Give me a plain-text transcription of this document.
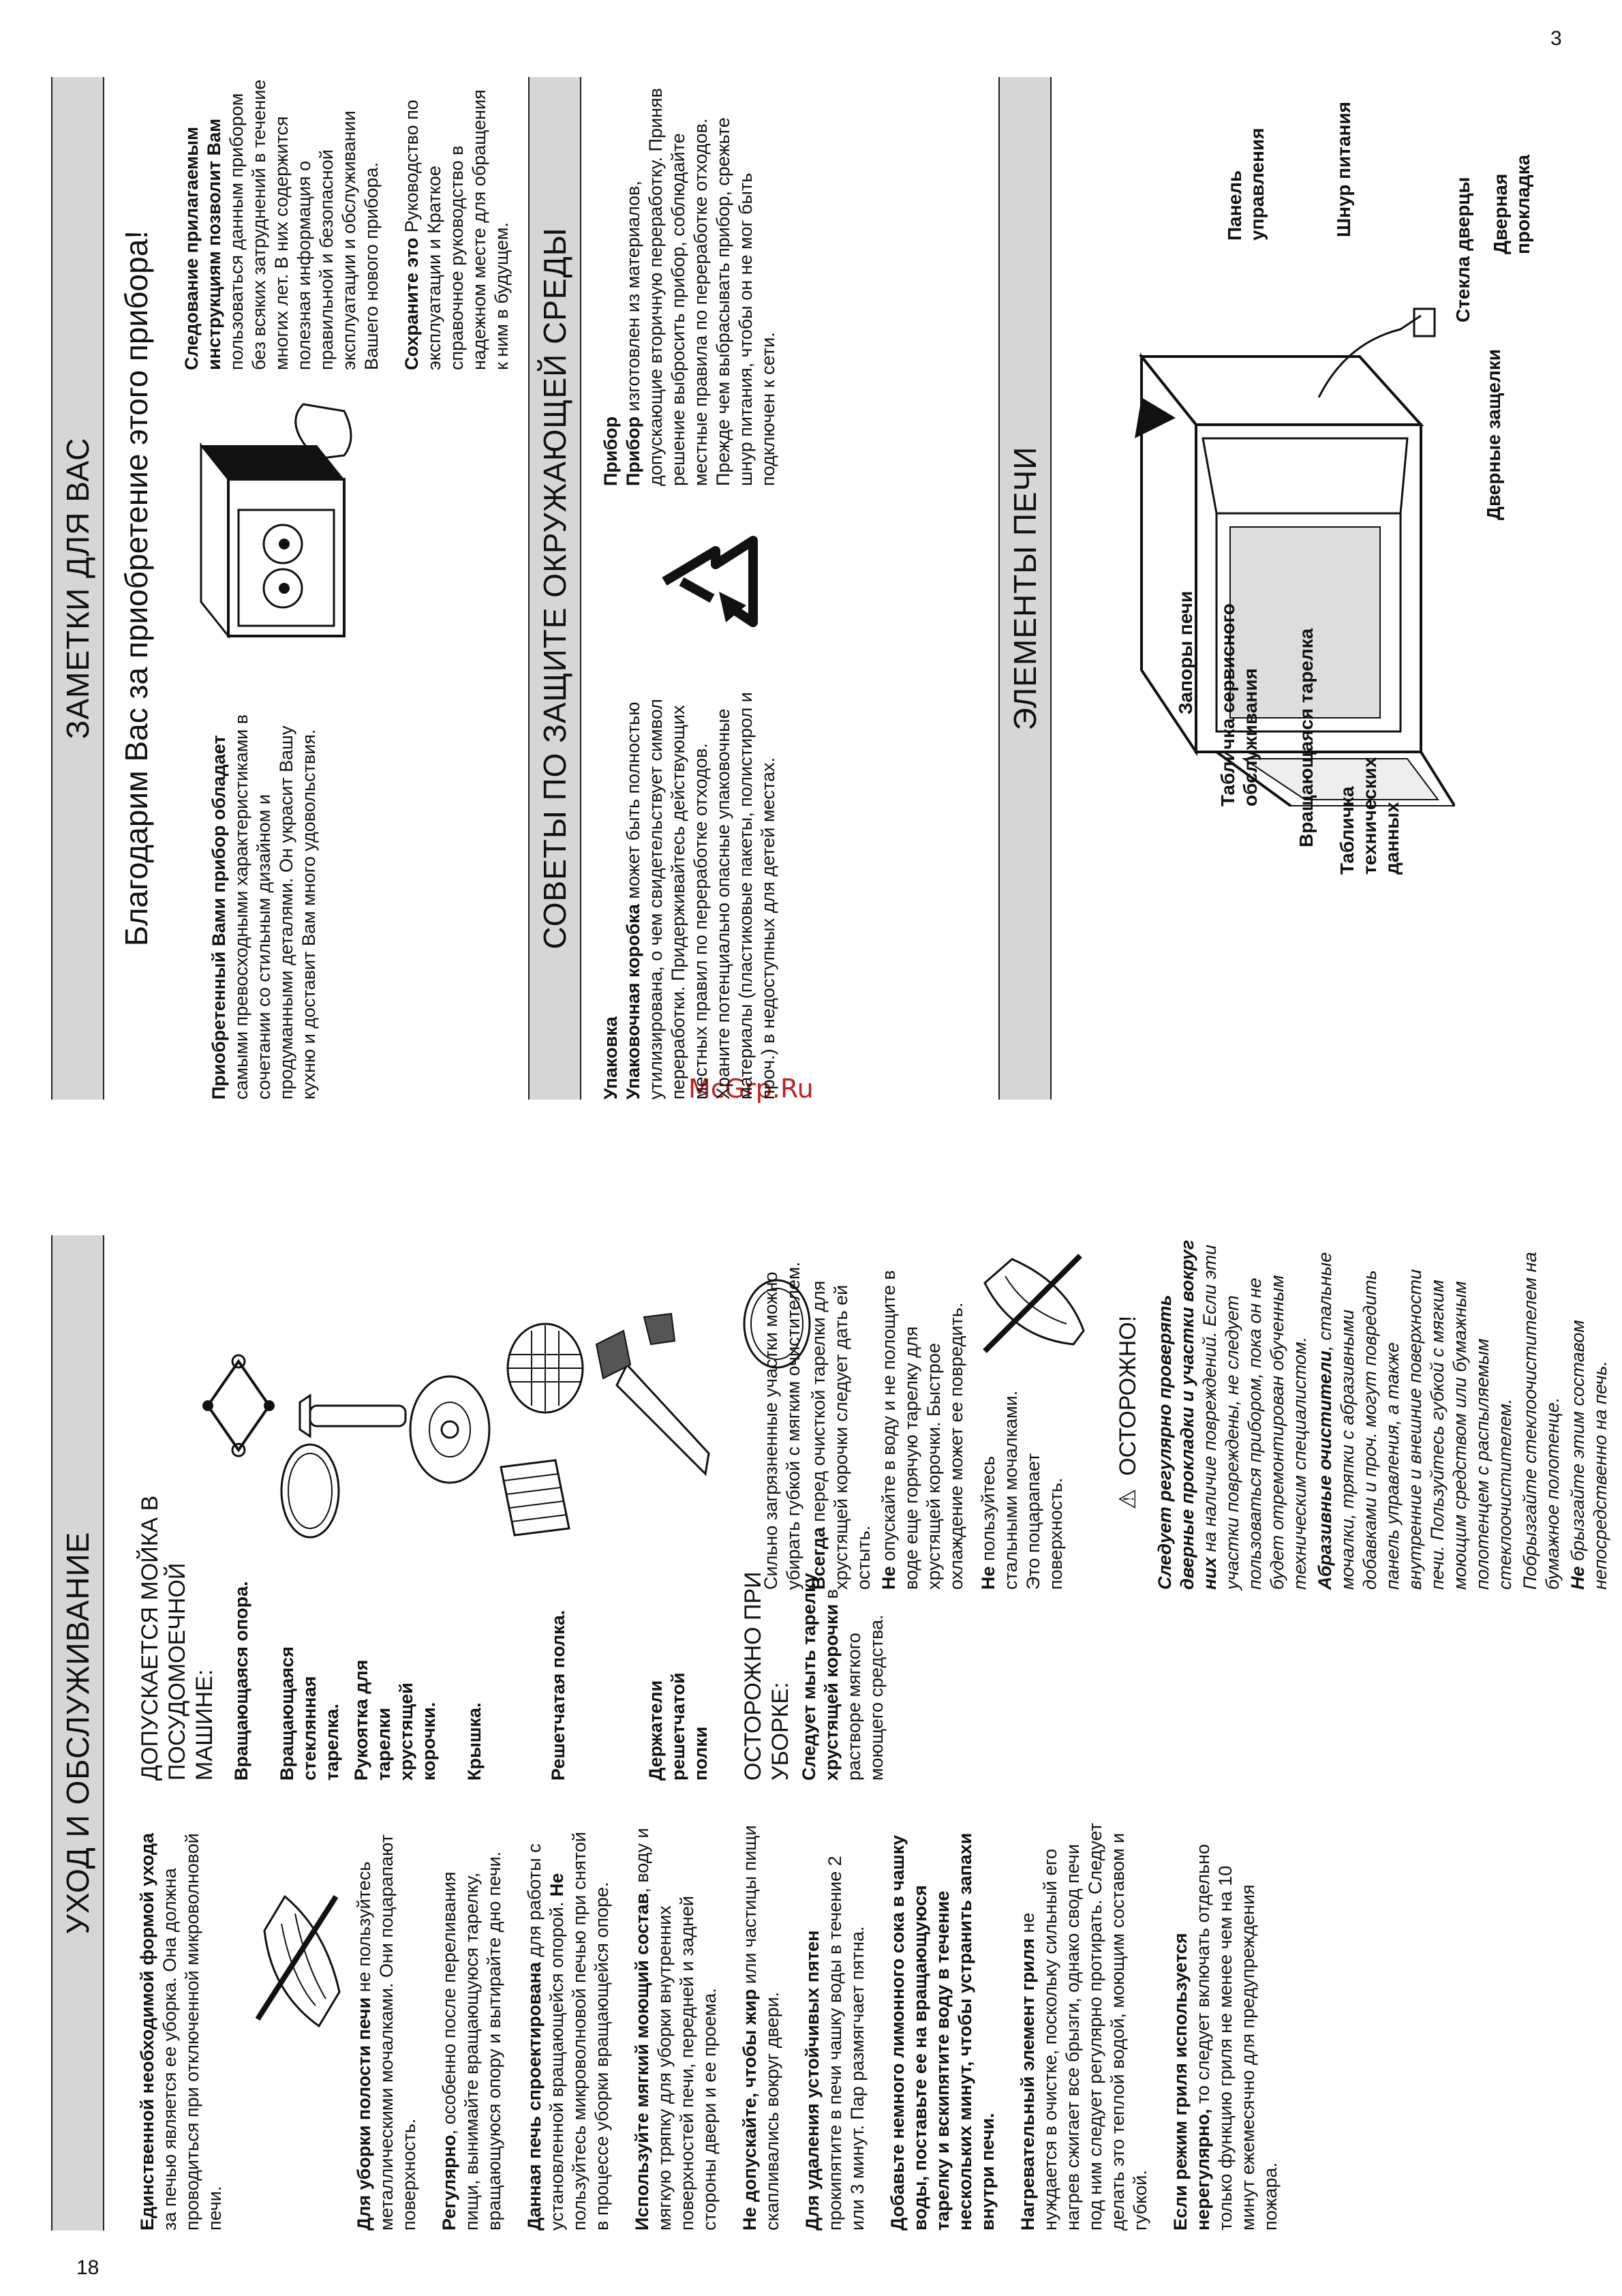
18
3
McGrp.Ru
УХОД И ОБСЛУЖИВАНИЕ

Единственной необходимой формой ухода за печью является ее уборка. Она должна проводиться при отключенной микроволновой печи.	Для уборки полости печи не пользуйтесь металлическими мочалками. Они поцарапают поверхность. Регулярно, особенно после переливания пищи, вынимайте вращающуюся тарелку, вращающуюся опору и вытирайте дно печи. Данная печь спроектирована для работы с установленной вращающейся опорой. Не пользуйтесь микроволновой печью при снятой в процессе уборки вращающейся опоре. Используйте мягкий моющий состав, воду и мягкую тряпку для уборки внутренних поверхностей печи, передней и задней стороны двери и ее проема. Не допускайте, чтобы жир или частицы пищи скапливались вокруг двери. Для удаления устойчивых пятен прокипятите в печи чашку воды в течение 2 или 3 минут. Пар размягчает пятна. Добавьте немного лимонного сока в чашку воды, поставьте ее на вращающуюся тарелку и вскипятите воду в течение нескольких минут, чтобы устранить запахи внутри печи. Нагревательный элемент гриля не нуждается в очистке, поскольку сильный его нагрев сжигает все брызги, однако свод печи под ним следует регулярно протирать. Следует делать это теплой водой, моющим составом и губкой. Если режим гриля используется нерегулярно, то следует включать отдельно только функцию гриля не менее чем на 10 минут ежемесячно для предупреждения пожара.

ДОПУСКАЕТСЯ МОЙКА В ПОСУДОМОЕЧНОЙ МАШИНЕ: Вращающаяся опора. Вращающаяся стеклянная тарелка. Рукоятка для тарелки хрустящей корочки. Крышка.	Решетчатая полка.	Держатели решетчатой полки ОСТОРОЖНО ПРИ УБОРКЕ: Следует мыть тарелку хрустящей корочки в растворе мягкого моющего средства.

Сильно загрязненные участки можно убирать губкой с мягким очистителем. Всегда перед очисткой тарелки для хрустящей корочки следует дать ей остыть. Не опускайте в воду и не полощите в воде еще горячую тарелку для хрустящей корочки. Быстрое охлаждение может ее повредить. Не пользуйтесь стальными мочалками. Это поцарапает поверхность. ⚠  ОСТОРОЖНО! Следует регулярно проверять дверные прокладки и участки вокруг них на наличие повреждений. Если эти участки повреждены, не следует пользоваться прибором, пока он не будет отремонтирован обученным техническим специалистом. Абразивные очистители, стальные мочалки, тряпки с абразивными добавками и проч. могут повредить панель управления, а также внутренние и внешние поверхности печи. Пользуйтесь губкой с мягким моющим средством или бумажным полотенцем с распыляемым стеклоочистителем. Побрызгайте стеклоочистителем на бумажное полотенце. Не брызгайте этим составом непосредственно на печь.

ЗАМЕТКИ ДЛЯ ВАС Благодарим Вас за приобретение этого прибора!	Приобретенный Вами прибор обладает самыми превосходными характеристиками в сочетании со стильным дизайном и продуманными деталями. Он украсит Вашу кухню и доставит Вам много удовольствия.

Следование прилагаемым инструкциям позволит Вам пользоваться данным прибором без всяких затруднений в течение многих лет. В них содержится полезная информация о правильной и безопасной эксплуатации и обслуживании Вашего нового прибора. Сохраните это Руководство по эксплуатации и Краткое справочное руководство в надежном месте для обращения к ним в будущем. СОВЕТЫ ПО ЗАЩИТЕ ОКРУЖАЮЩЕЙ СРЕДЫ

Упаковка Упаковочная коробка может быть полностью утилизирована, о чем свидетельствует символ переработки. Придерживайтесь действующих местных правил по переработке отходов. Храните потенциально опасные упаковочные материалы (пластиковые пакеты, полистирол и проч.) в недоступных для детей местах.

Прибор Прибор изготовлен из материалов, допускающие вторичную переработку. Приняв решение выбросить прибор, соблюдайте местные правила по переработке отходов. Прежде чем выбрасывать прибор, срежьте шнур питания, чтобы он не мог быть подключен к сети.

ЭЛЕМЕНТЫ ПЕЧИ	Запоры печи Табличка сервисного обслуживания Вращающаяся тарелка Табличка технических данных
Дверные защелки
Стекла дверцы Дверная прокладка
Шнур питания
Панель управления
